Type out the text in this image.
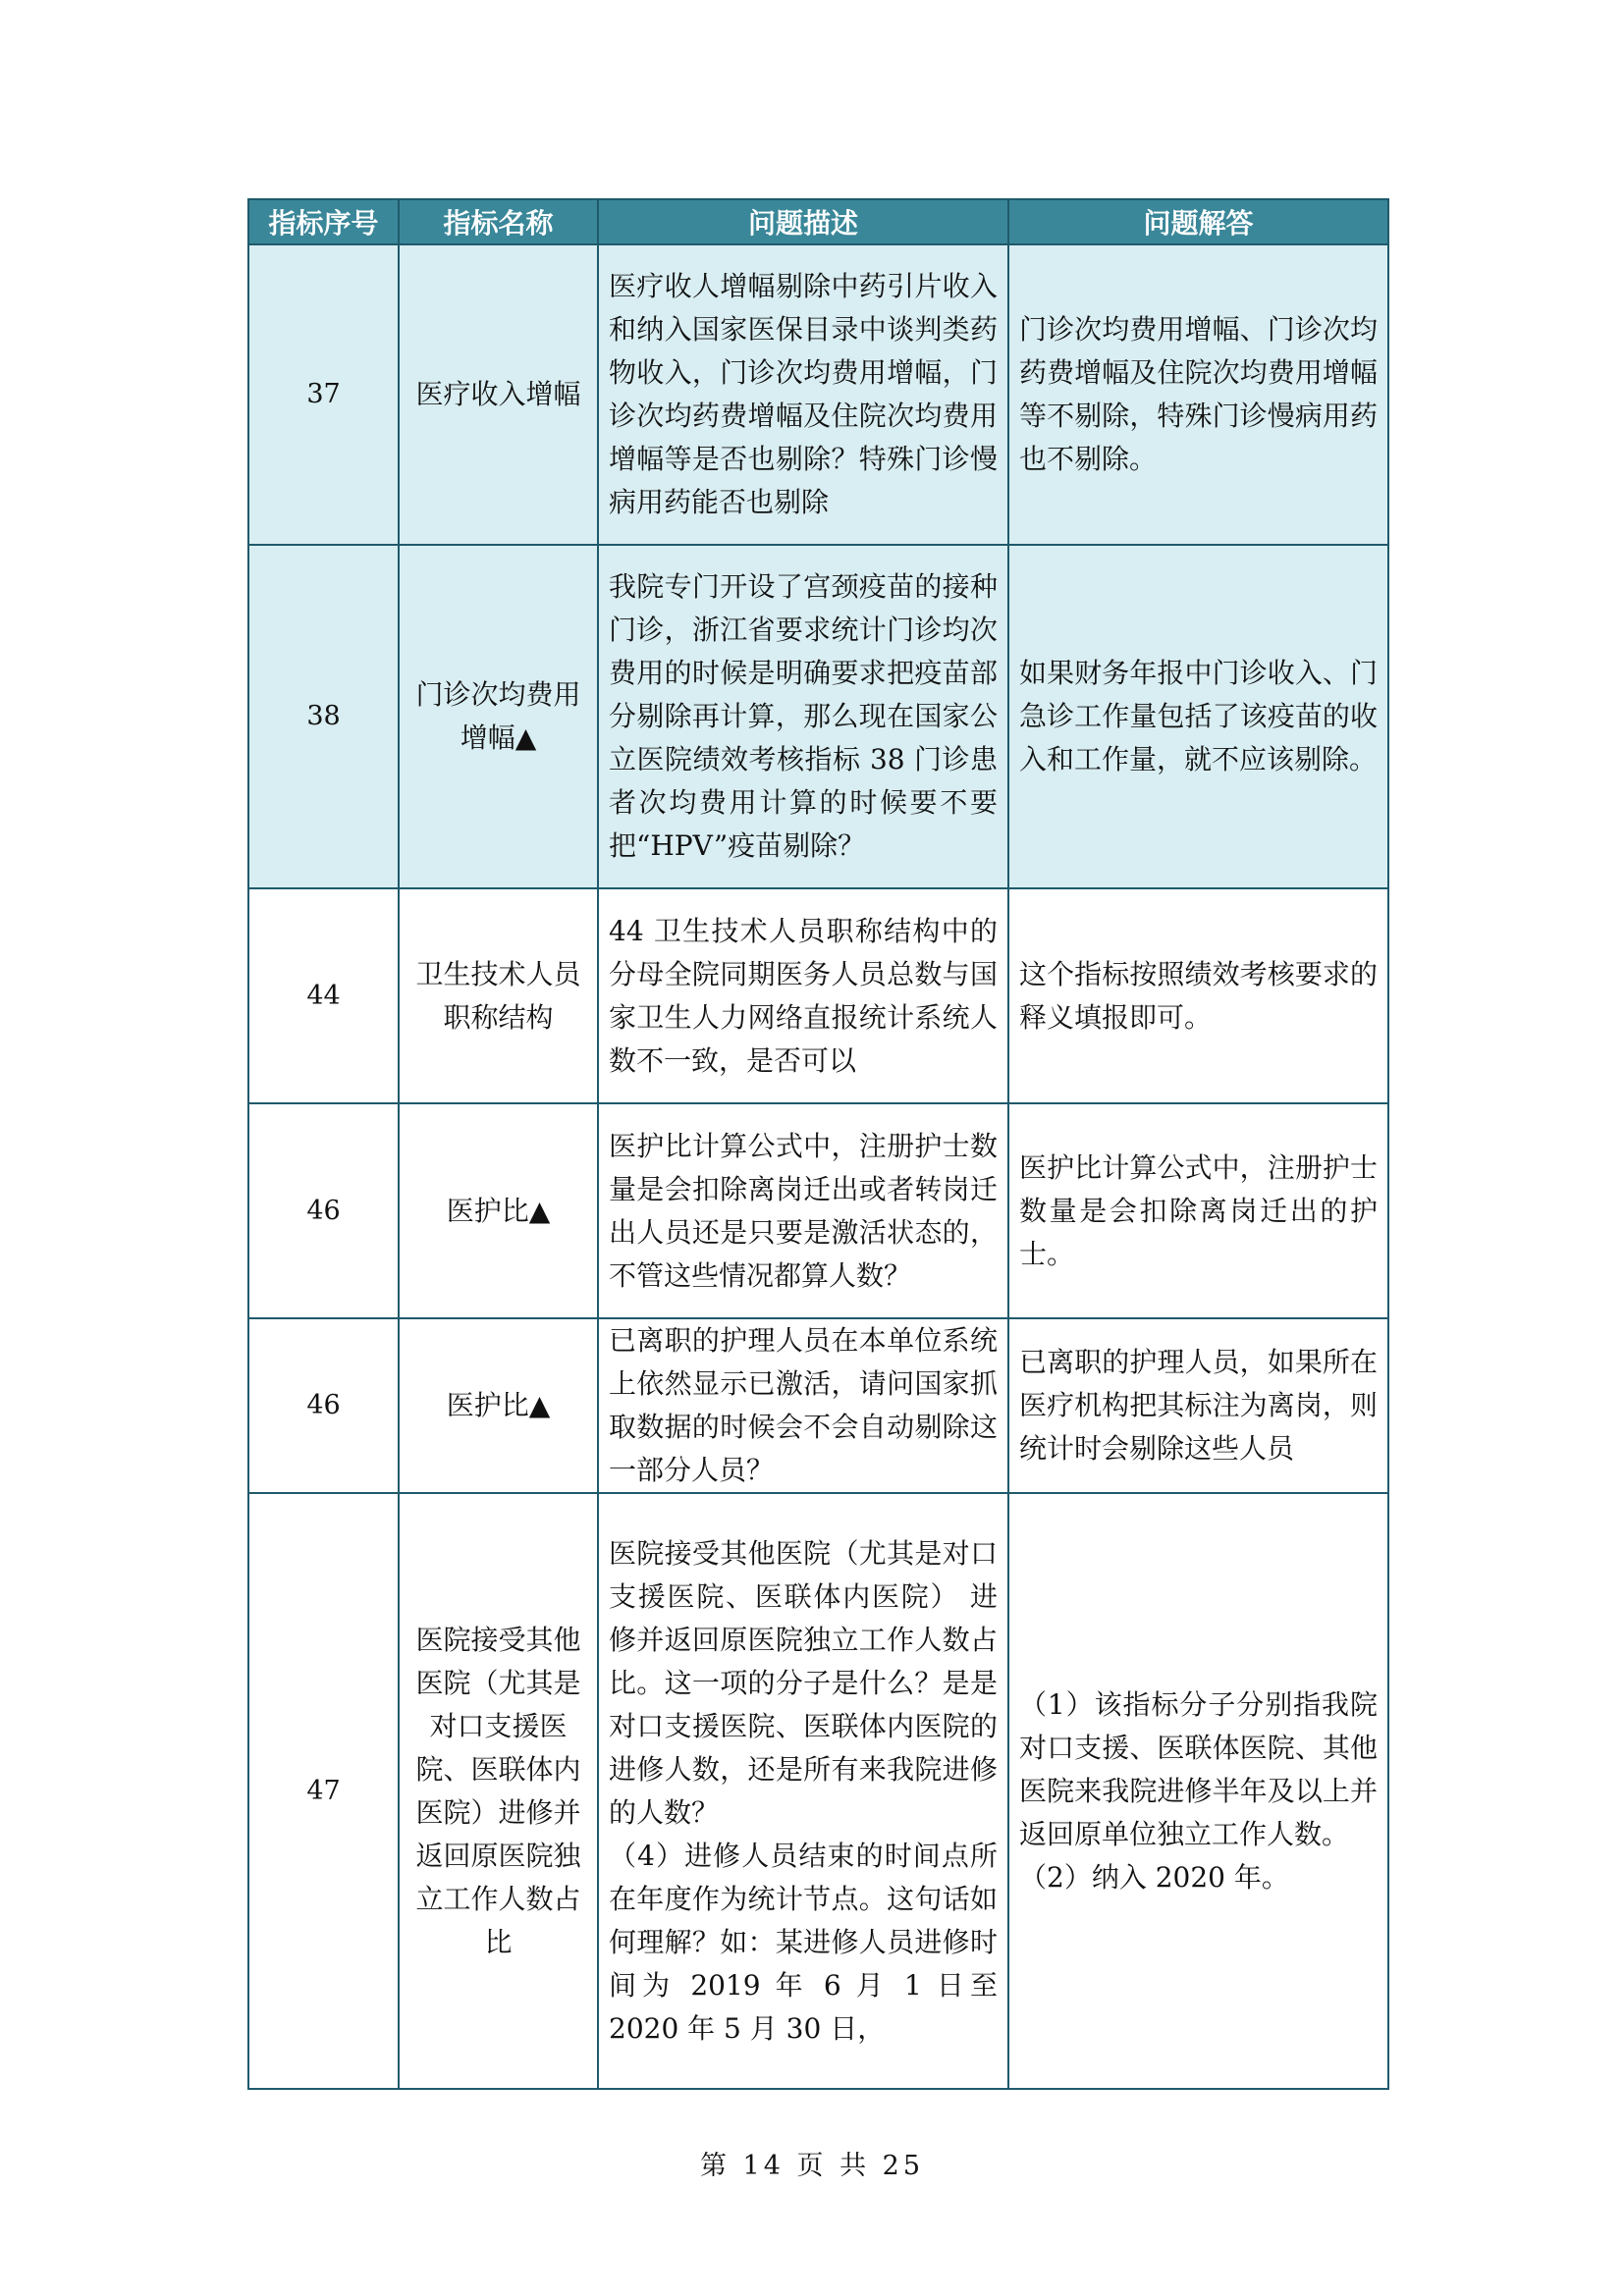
指标序号	指标名称	问题描述	问题解答
37	医疗收入增幅	医疗收人增幅剔除中药引片收入和纳入国家医保目录中谈判类药物收入，门诊次均费用增幅，门诊次均药费增幅及住院次均费用增幅等是否也剔除？特殊门诊慢病用药能否也剔除	门诊次均费用增幅、门诊次均药费增幅及住院次均费用增幅等不剔除，特殊门诊慢病用药也不剔除。

38	门诊次均费用增幅▲	我院专门开设了宫颈疫苗的接种门诊，浙江省要求统计门诊均次费用的时候是明确要求把疫苗部分剔除再计算，那么现在国家公立医院绩效考核指标 38 门诊患者次均费用计算的时候要不要把“HPV”疫苗剔除？	如果财务年报中门诊收入、门急诊工作量包括了该疫苗的收入和工作量，就不应该剔除。

44	卫生技术人员职称结构	44 卫生技术人员职称结构中的分母全院同期医务人员总数与国家卫生人力网络直报统计系统人数不一致，是否可以	这个指标按照绩效考核要求的释义填报即可。

46	医护比▲	医护比计算公式中，注册护士数量是会扣除离岗迁出或者转岗迁出人员还是只要是激活状态的，不管这些情况都算人数？	医护比计算公式中，注册护士数量是会扣除离岗迁出的护士。

46	医护比▲	已离职的护理人员在本单位系统上依然显示已激活，请问国家抓取数据的时候会不会自动剔除这一部分人员？	已离职的护理人员，如果所在医疗机构把其标注为离岗，则统计时会剔除这些人员

47	医院接受其他医院（尤其是对口支援医院、医联体内医院）进修并返回原医院独立工作人数占比	医院接受其他医院（尤其是对口支援医院、医联体内医院） 进修并返回原医院独立工作人数占比。这一项的分子是什么？是是对口支援医院、医联体内医院的进修人数，还是所有来我院进修的人数？
（4）进修人员结束的时间点所在年度作为统计节点。这句话如何理解？如：某进修人员进修时间为 2019 年 6 月 1 日至 2020 年 5 月 30 日，	（1）该指标分子分别指我院对口支援、医联体医院、其他医院来我院进修半年及以上并返回原单位独立工作人数。
（2）纳入 2020 年。
第 14 页 共 25
